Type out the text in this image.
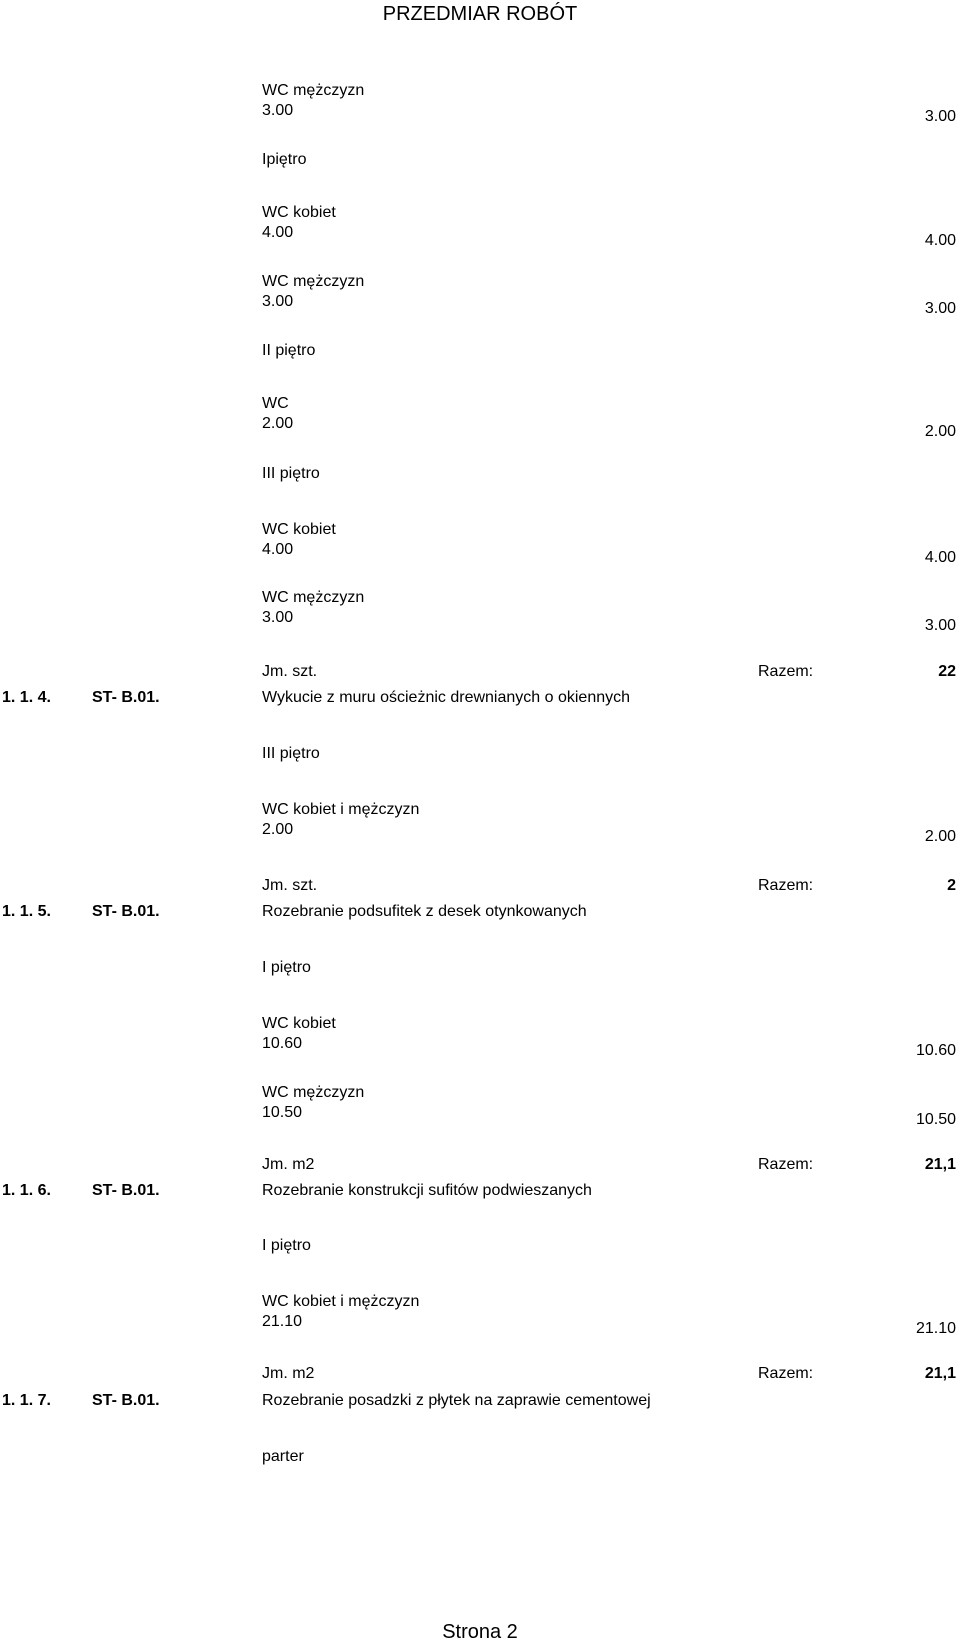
PRZEDMIAR ROBÓT
WC mężczyzn
3.00	3.00
Ipiętro
WC kobiet
4.00	4.00
WC mężczyzn
3.00	3.00
II piętro
WC
2.00	2.00
III piętro
WC kobiet
4.00	4.00
WC mężczyzn
3.00	3.00
Jm. szt.	Razem:	22
1. 1. 4.	ST- B.01.	Wykucie z muru ościeżnic drewnianych o okiennych
III piętro
WC kobiet i mężczyzn
2.00	2.00
Jm. szt.	Razem:	2
1. 1. 5.	ST- B.01.	Rozebranie podsufitek z desek otynkowanych
I piętro
WC kobiet
10.60	10.60
WC mężczyzn
10.50	10.50
Jm. m2	Razem:	21,1
1. 1. 6.	ST- B.01.	Rozebranie konstrukcji sufitów podwieszanych
I piętro
WC kobiet i mężczyzn
21.10	21.10
Jm. m2	Razem:	21,1
1. 1. 7.	ST- B.01.	Rozebranie posadzki z płytek na zaprawie cementowej
parter
Strona 2
